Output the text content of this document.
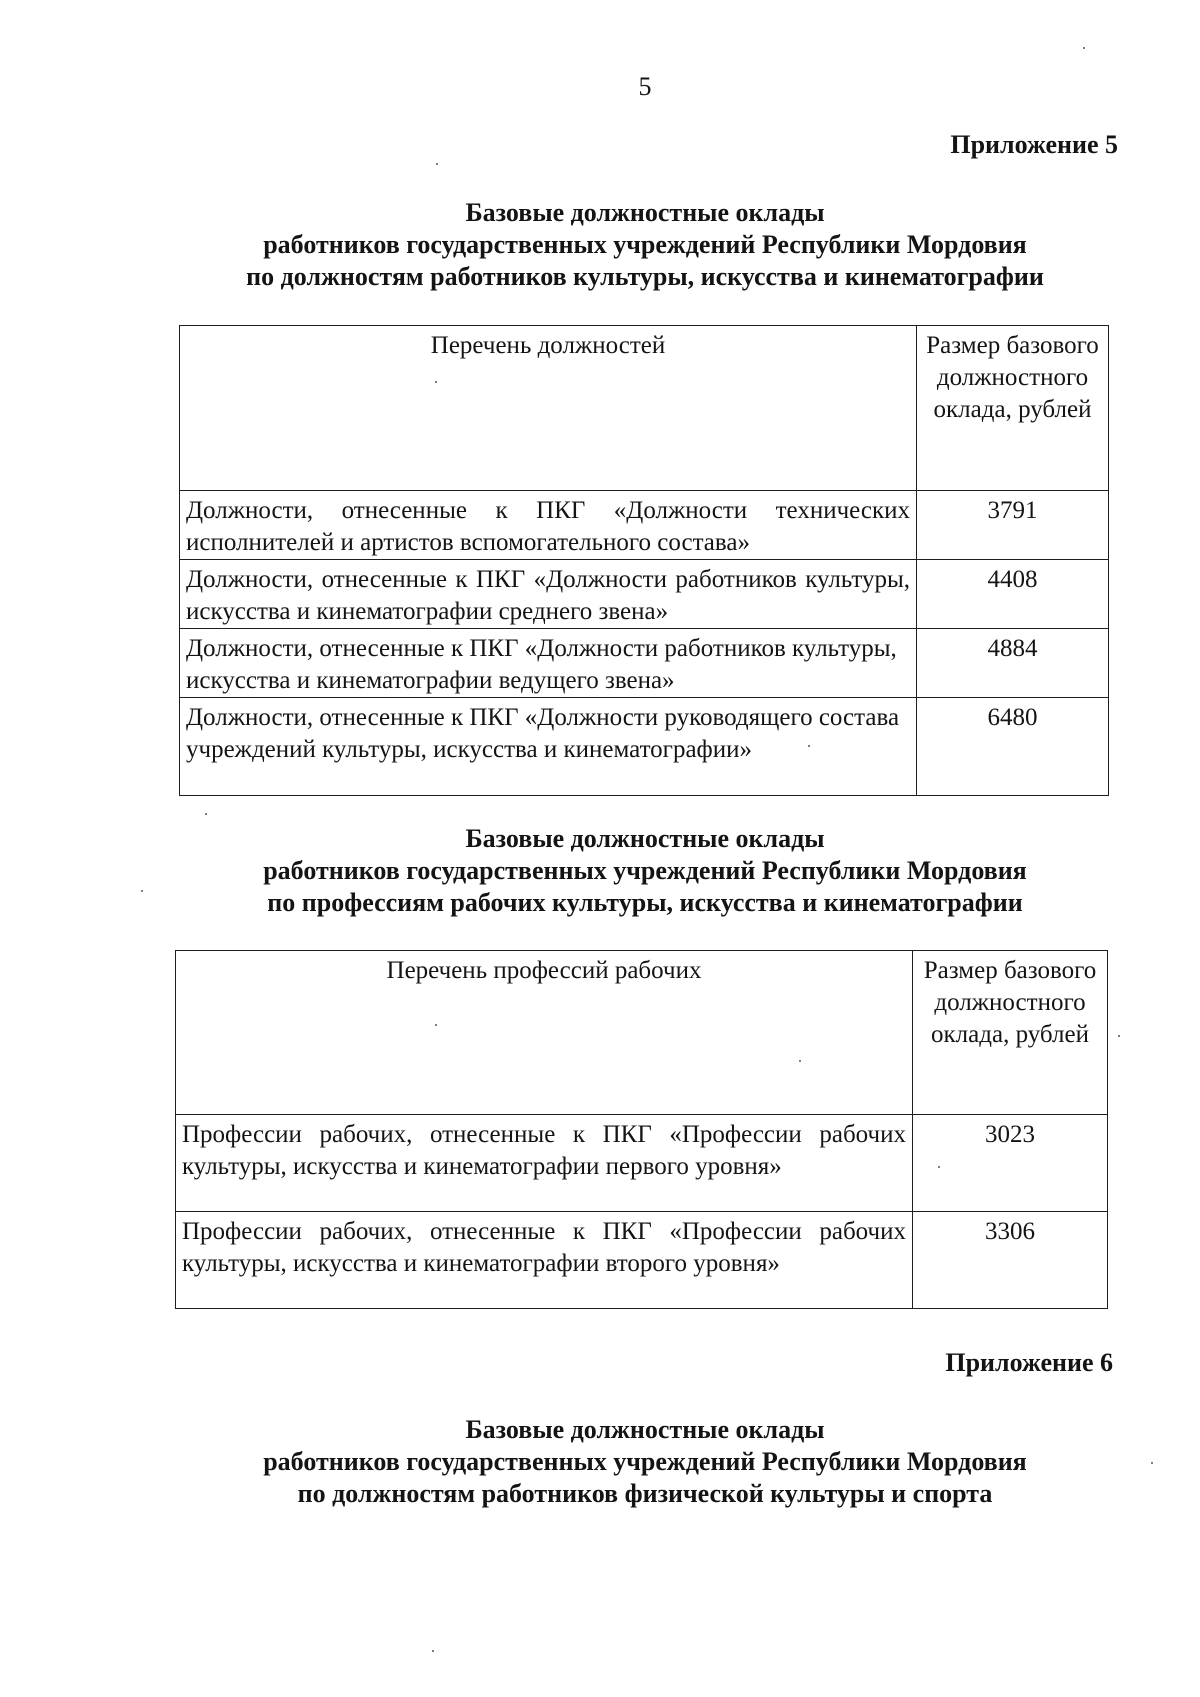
5
Приложение 5
Базовые должностные оклады
работников государственных учреждений Республики Мордовия
по должностям работников культуры, искусства и кинематографии
Перечень должностей	Размер базового должностного оклада, рублей
Должности, отнесенные к ПКГ «Должности технических исполнителей и артистов вспомогательного состава»	3791
Должности, отнесенные к ПКГ «Должности работников культуры, искусства и кинематографии среднего звена»	4408
Должности, отнесенные к ПКГ «Должности работников культуры, искусства и кинематографии ведущего звена»	4884
Должности, отнесенные к ПКГ «Должности руководящего состава учреждений культуры, искусства и кинематографии»	6480
Базовые должностные оклады
работников государственных учреждений Республики Мордовия
по профессиям рабочих культуры, искусства и кинематографии
Перечень профессий рабочих	Размер базового должностного оклада, рублей
Профессии рабочих, отнесенные к ПКГ «Профессии рабочих культуры, искусства и кинематографии первого уровня»	3023
Профессии рабочих, отнесенные к ПКГ «Профессии рабочих культуры, искусства и кинематографии второго уровня»	3306
Приложение 6
Базовые должностные оклады
работников государственных учреждений Республики Мордовия
по должностям работников физической культуры и спорта
